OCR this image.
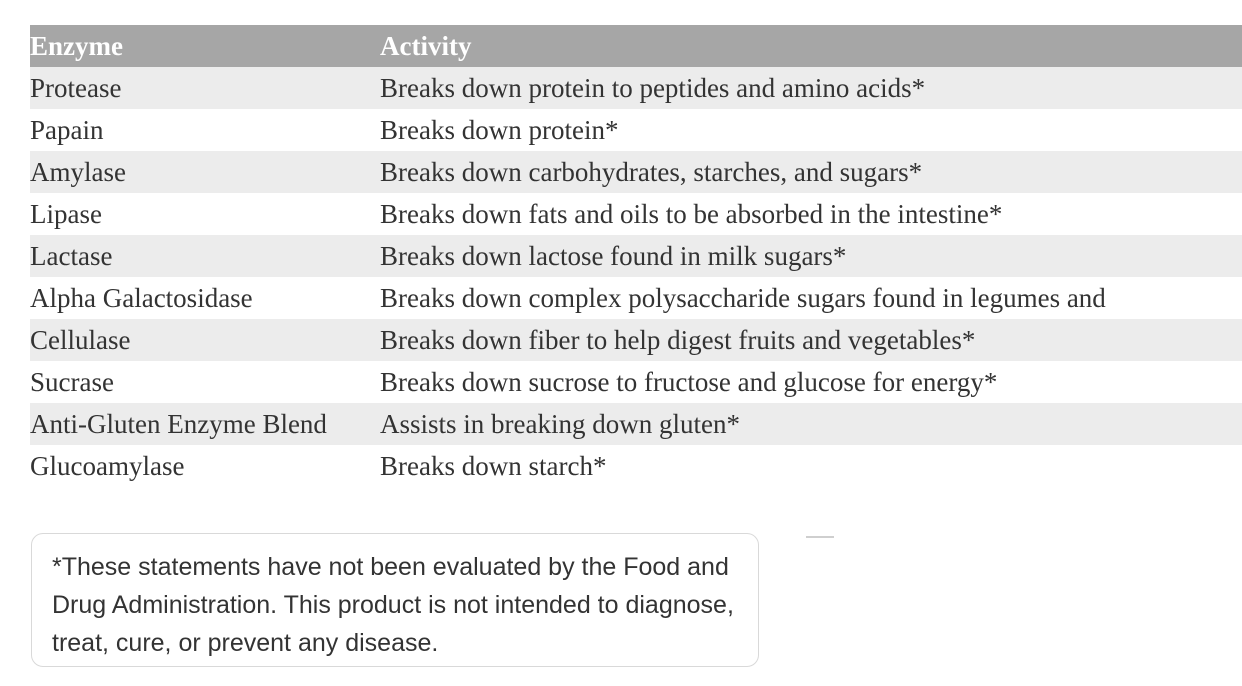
Enzyme	Activity
Protease	Breaks down protein to peptides and amino acids*
Papain	Breaks down protein*
Amylase	Breaks down carbohydrates, starches, and sugars*
Lipase	Breaks down fats and oils to be absorbed in the intestine*
Lactase	Breaks down lactose found in milk sugars*
Alpha Galactosidase	Breaks down complex polysaccharide sugars found in legumes and
Cellulase	Breaks down fiber to help digest fruits and vegetables*
Sucrase	Breaks down sucrose to fructose and glucose for energy*
Anti-Gluten Enzyme Blend	Assists in breaking down gluten*
Glucoamylase	Breaks down starch*
*These statements have not been evaluated by the Food and Drug Administration. This product is not intended to diagnose, treat, cure, or prevent any disease.
